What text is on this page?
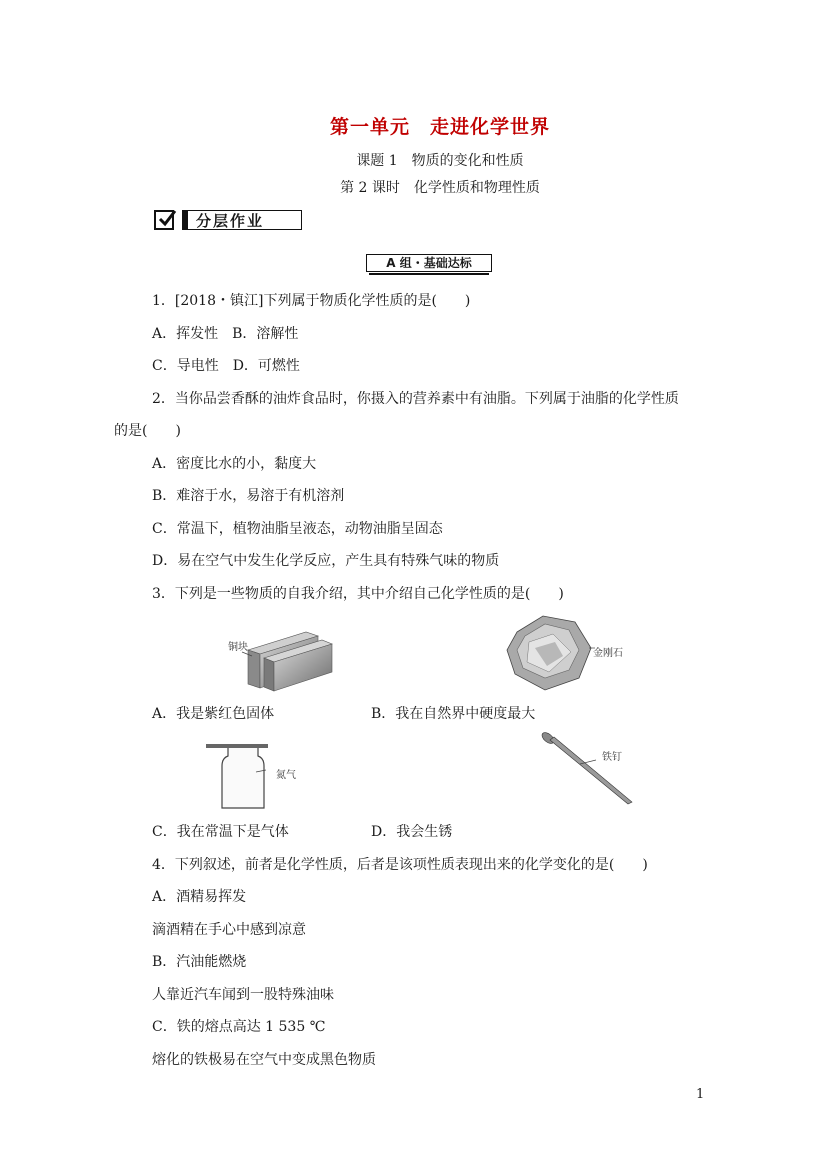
第一单元　走进化学世界
课题 1　物质的变化和性质
第 2 课时　化学性质和物理性质
分层作业
A 组・基础达标
1．[2018・镇江]下列属于物质化学性质的是(　　)
A．挥发性　B．溶解性
C．导电性　D．可燃性
2．当你品尝香酥的油炸食品时，你摄入的营养素中有油脂。下列属于油脂的化学性质
的是(　　)
A．密度比水的小，黏度大
B．难溶于水，易溶于有机溶剂
C．常温下，植物油脂呈液态，动物油脂呈固态
D．易在空气中发生化学反应，产生具有特殊气味的物质
3．下列是一些物质的自我介绍，其中介绍自己化学性质的是(　　)
铜块
金刚石
A．我是紫红色固体	B．我在自然界中硬度最大
氮气
铁钉
C．我在常温下是气体	D．我会生锈
4．下列叙述，前者是化学性质，后者是该项性质表现出来的化学变化的是(　　)
A．酒精易挥发
滴酒精在手心中感到凉意
B．汽油能燃烧
人靠近汽车闻到一股特殊油味
C．铁的熔点高达 1 535 ℃
熔化的铁极易在空气中变成黑色物质
1
